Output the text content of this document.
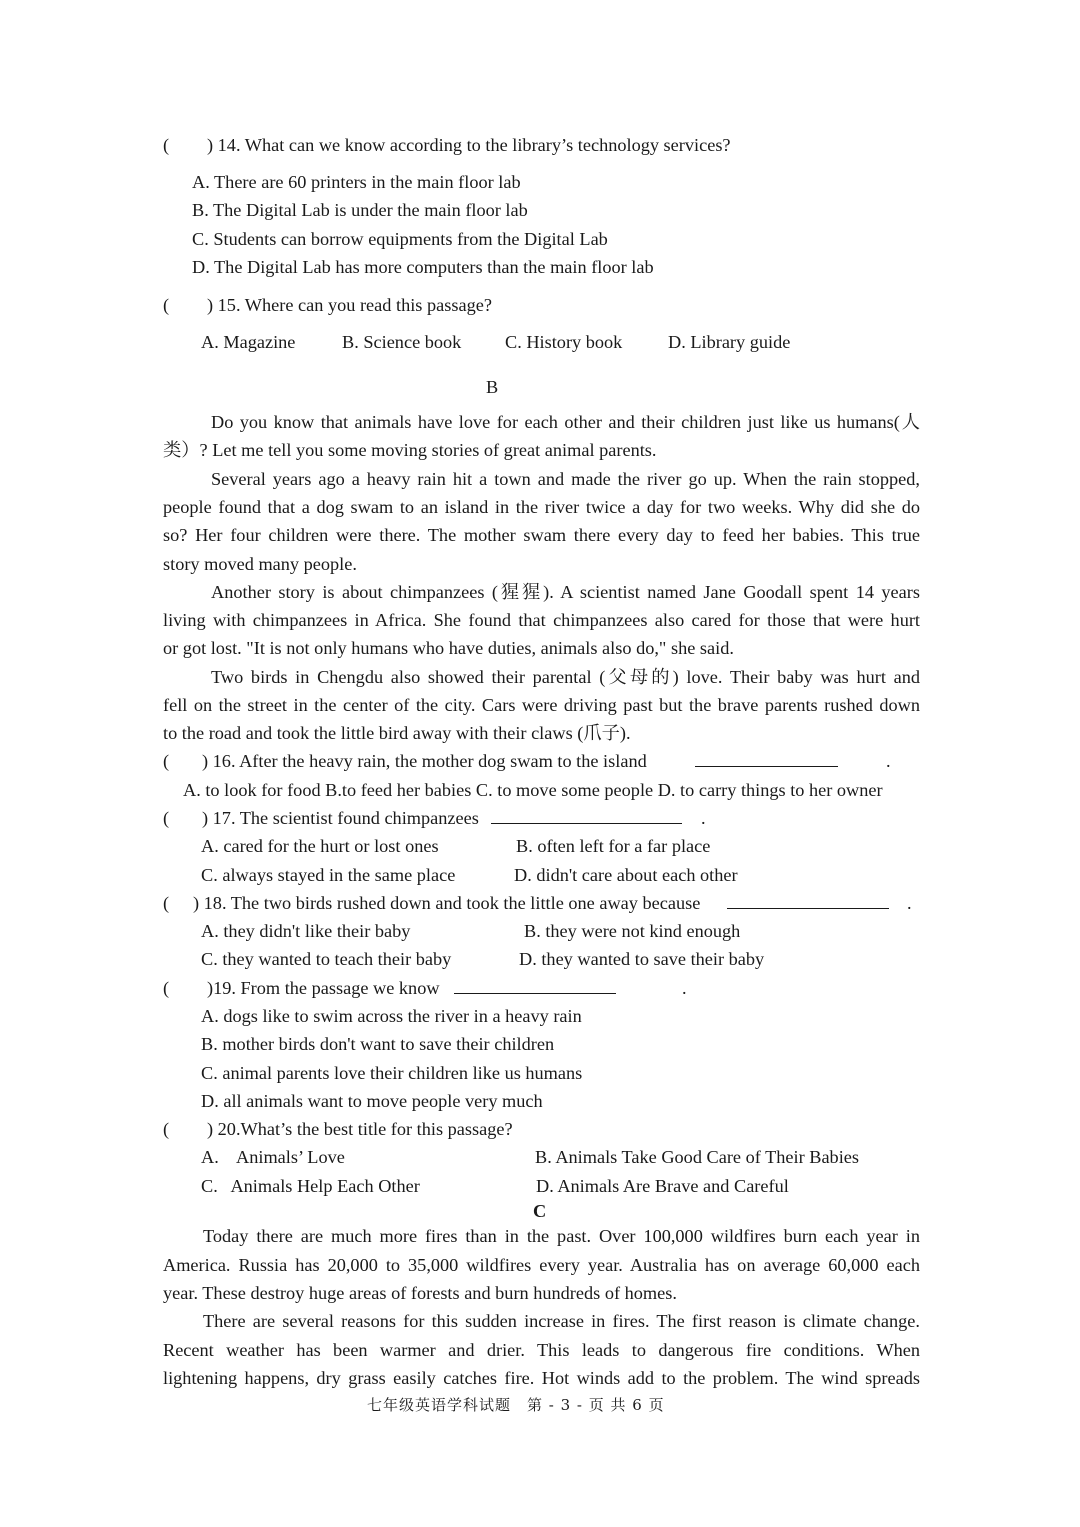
( ) 14. What can we know according to the library’s technology services?
A. There are 60 printers in the main floor lab
B. The Digital Lab is under the main floor lab
C. Students can borrow equipments from the Digital Lab
D. The Digital Lab has more computers than the main floor lab
( ) 15. Where can you read this passage?
A. Magazine	B. Science book C. History book D. Library guide
B
Do you know that animals have love for each other and their children just like us humans(人
类）? Let me tell you some moving stories of great animal parents.
Several years ago a heavy rain hit a town and made the river go up. When the rain stopped,
people found that a dog swam to an island in the river twice a day for two weeks. Why did she do
so? Her four children were there. The mother swam there every day to feed her babies. This true
story moved many people.
Another story is about chimpanzees (猩猩). A scientist named Jane Goodall spent 14 years
living with chimpanzees in Africa. She found that chimpanzees also cared for those that were hurt
or got lost. "It is not only humans who have duties, animals also do," she said.
Two birds in Chengdu also showed their parental (父母的) love. Their baby was hurt and
fell on the street in the center of the city. Cars were driving past but the brave parents rushed down
to the road and took the little bird away with their claws (爪子).
( ) 16. After the heavy rain, the mother dog swam to the island	.
A. to look for food B.to feed her babies C. to move some people D. to carry things to her owner
( ) 17. The scientist found chimpanzees	.
A. cared for the hurt or lost ones	B. often left for a far place
C. always stayed in the same place	D. didn't care about each other
( ) 18. The two birds rushed down and took the little one away because	.
A. they didn't like their baby	B. they were not kind enough
C. they wanted to teach their baby	D. they wanted to save their baby
( )19. From the passage we know	.
A. dogs like to swim across the river in a heavy rain
B. mother birds don't want to save their children
C. animal parents love their children like us humans
D. all animals want to move people very much
( ) 20.What’s the best title for this passage?
A.    Animals’ Love	B. Animals Take Good Care of Their Babies
C.   Animals Help Each Other	D. Animals Are Brave and Careful
C
Today there are much more fires than in the past. Over 100,000 wildfires burn each year in
America. Russia has 20,000 to 35,000 wildfires every year. Australia has on average 60,000 each
year. These destroy huge areas of forests and burn hundreds of homes.
There are several reasons for this sudden increase in fires. The first reason is climate change.
Recent weather has been warmer and drier. This leads to dangerous fire conditions. When
lightening happens, dry grass easily catches fire. Hot winds add to the problem. The wind spreads
七年级英语学科试题　第 - 3 - 页 共 6 页
